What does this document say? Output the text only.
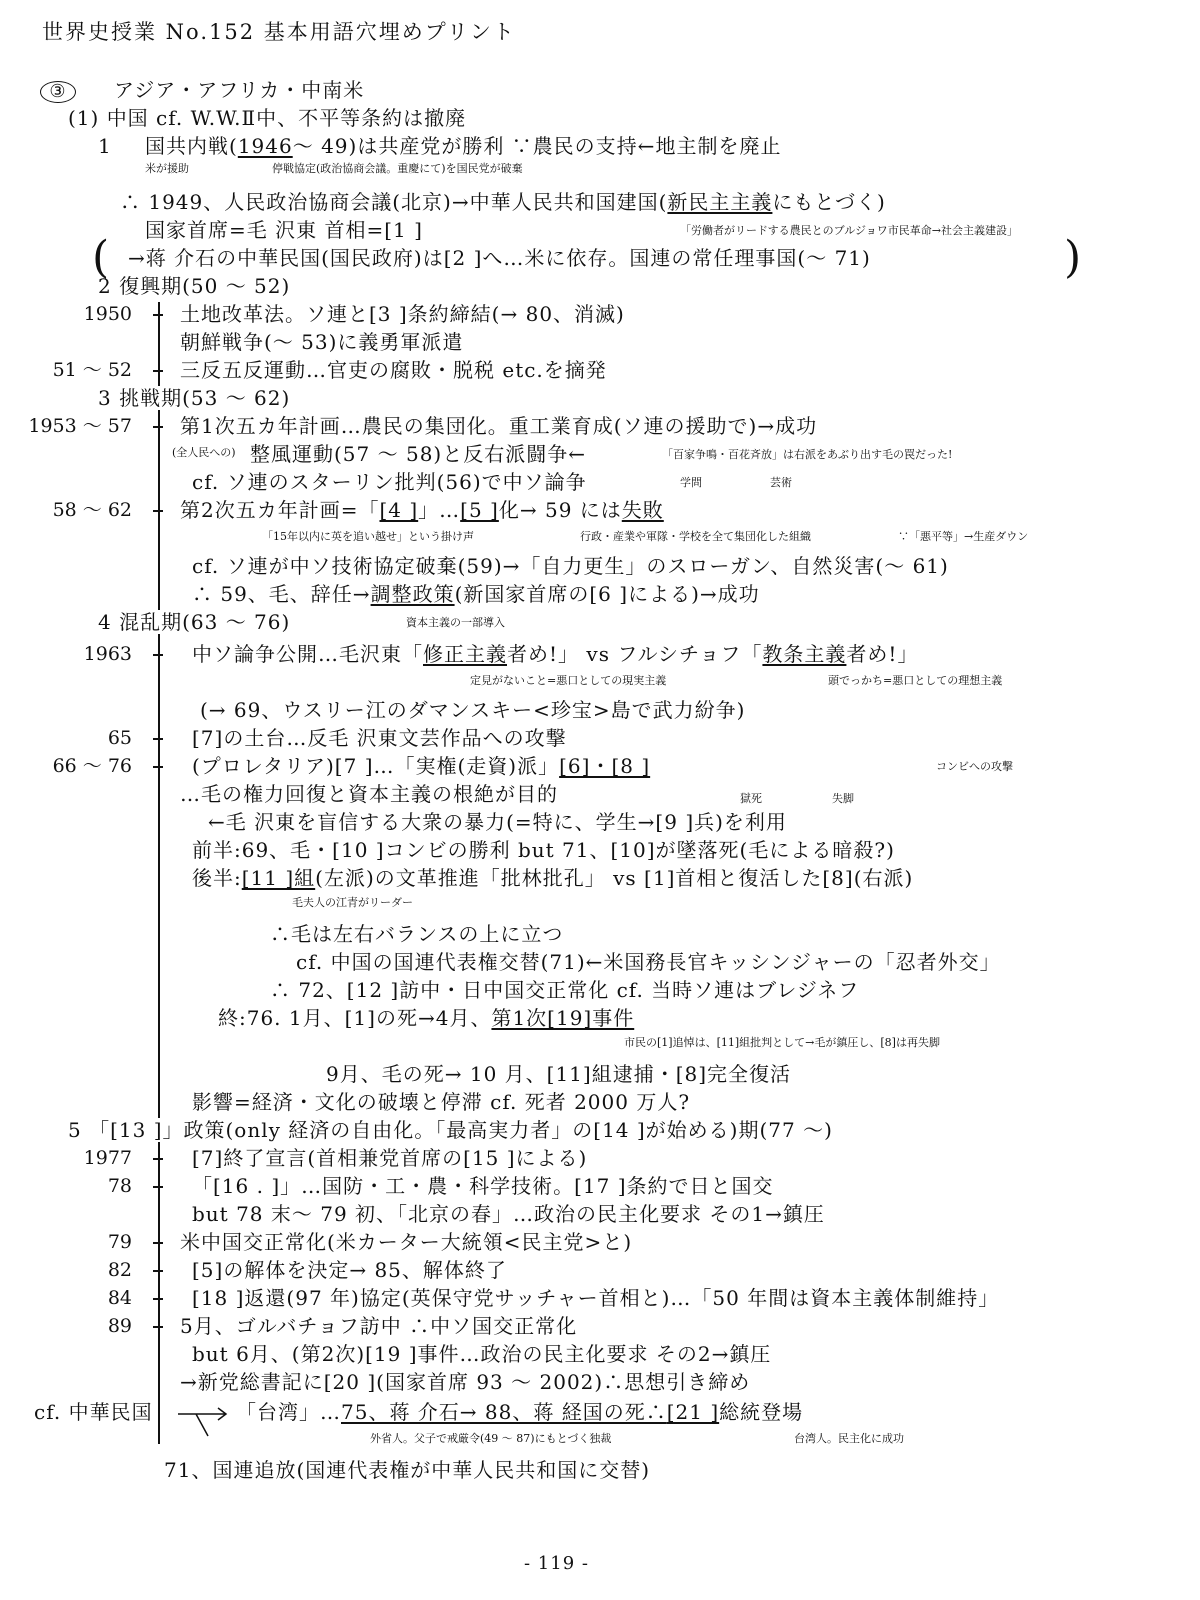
世界史授業 No.152 基本用語穴埋めプリント
③ アジア・アフリカ・中南米
(1) 中国 cf. W.W.Ⅱ中、不平等条約は撤廃
1 国共内戦(1946〜 49)は共産党が勝利 ∵農民の支持←地主制を廃止
米が援助	停戦協定(政治協商会議。重慶にて)を国民党が破棄
∴ 1949、人民政治協商会議(北京)→中華人民共和国建国(新民主主義にもとづく)
国家首席=毛 沢東 首相=[1 ]	「労働者がリードする農民とのブルジョワ市民革命→社会主義建設」
( →蒋 介石の中華民国(国民政府)は[2 ]へ…米に依存。国連の常任理事国(〜 71)	)
2 復興期(50 〜 52)
1950 土地改革法。ソ連と[3 ]条約締結(→ 80、消滅)
朝鮮戦争(〜 53)に義勇軍派遣
51 〜 52 三反五反運動…官吏の腐敗・脱税 etc.を摘発
3 挑戦期(53 〜 62)
1953 〜 57 第1次五カ年計画…農民の集団化。重工業育成(ソ連の援助で)→成功
(全人民への) 整風運動(57 〜 58)と反右派闘争←	「百家争鳴・百花斉放」は右派をあぶり出す毛の罠だった!
cf. ソ連のスターリン批判(56)で中ソ論争	学問	芸術
58 〜 62 第2次五カ年計画=「[4 ]」…[5 ]化→ 59 には失敗
「15年以内に英を追い越せ」という掛け声	行政・産業や軍隊・学校を全て集団化した組織	∵「悪平等」→生産ダウン
cf. ソ連が中ソ技術協定破棄(59)→「自力更生」のスローガン、自然災害(〜 61)
∴ 59、毛、辞任→調整政策(新国家首席の[6 ]による)→成功
4 混乱期(63 〜 76)	資本主義の一部導入
1963	中ソ論争公開…毛沢東「修正主義者め!」 vs フルシチョフ「教条主義者め!」
定見がないこと=悪口としての現実主義	頭でっかち=悪口としての理想主義
(→ 69、ウスリー江のダマンスキー<珍宝>島で武力紛争)
65	[7]の土台…反毛 沢東文芸作品への攻撃
66 〜 76	(プロレタリア)[7 ]…「実権(走資)派」[6]・[8 ]	コンビへの攻撃
…毛の権力回復と資本主義の根絶が目的	獄死	失脚
←毛 沢東を盲信する大衆の暴力(=特に、学生→[9 ]兵)を利用
前半:69、毛・[10 ]コンビの勝利 but 71、[10]が墜落死(毛による暗殺?)
後半:[11 ]組(左派)の文革推進「批林批孔」 vs [1]首相と復活した[8](右派)
毛夫人の江青がリーダー
∴毛は左右バランスの上に立つ
cf. 中国の国連代表権交替(71)←米国務長官キッシンジャーの「忍者外交」
∴ 72、[12 ]訪中・日中国交正常化 cf. 当時ソ連はブレジネフ
終:76. 1月、[1]の死→4月、第1次[19]事件
市民の[1]追悼は、[11]組批判として→毛が鎮圧し、[8]は再失脚
9月、毛の死→ 10 月、[11]組逮捕・[8]完全復活
影響=経済・文化の破壊と停滞 cf. 死者 2000 万人?
5 「[13 ]」政策(only 経済の自由化。「最高実力者」の[14 ]が始める)期(77 〜)
1977	[7]終了宣言(首相兼党首席の[15 ]による)
78	「[16 . ]」…国防・工・農・科学技術。[17 ]条約で日と国交
but 78 末〜 79 初、「北京の春」…政治の民主化要求 その1→鎮圧
79 米中国交正常化(米カーター大統領<民主党>と)
82	[5]の解体を決定→ 85、解体終了
84	[18 ]返還(97 年)協定(英保守党サッチャー首相と)…「50 年間は資本主義体制維持」
89 5月、ゴルバチョフ訪中 ∴中ソ国交正常化
but 6月、(第2次)[19 ]事件…政治の民主化要求 その2→鎮圧
→新党総書記に[20 ](国家首席 93 〜 2002)∴思想引き締め
cf. 中華民国	「台湾」…75、蒋 介石→ 88、蒋 経国の死∴[21 ]総統登場
外省人。父子で戒厳令(49 〜 87)にもとづく独裁	台湾人。民主化に成功
71、国連追放(国連代表権が中華人民共和国に交替)
- 119 -
